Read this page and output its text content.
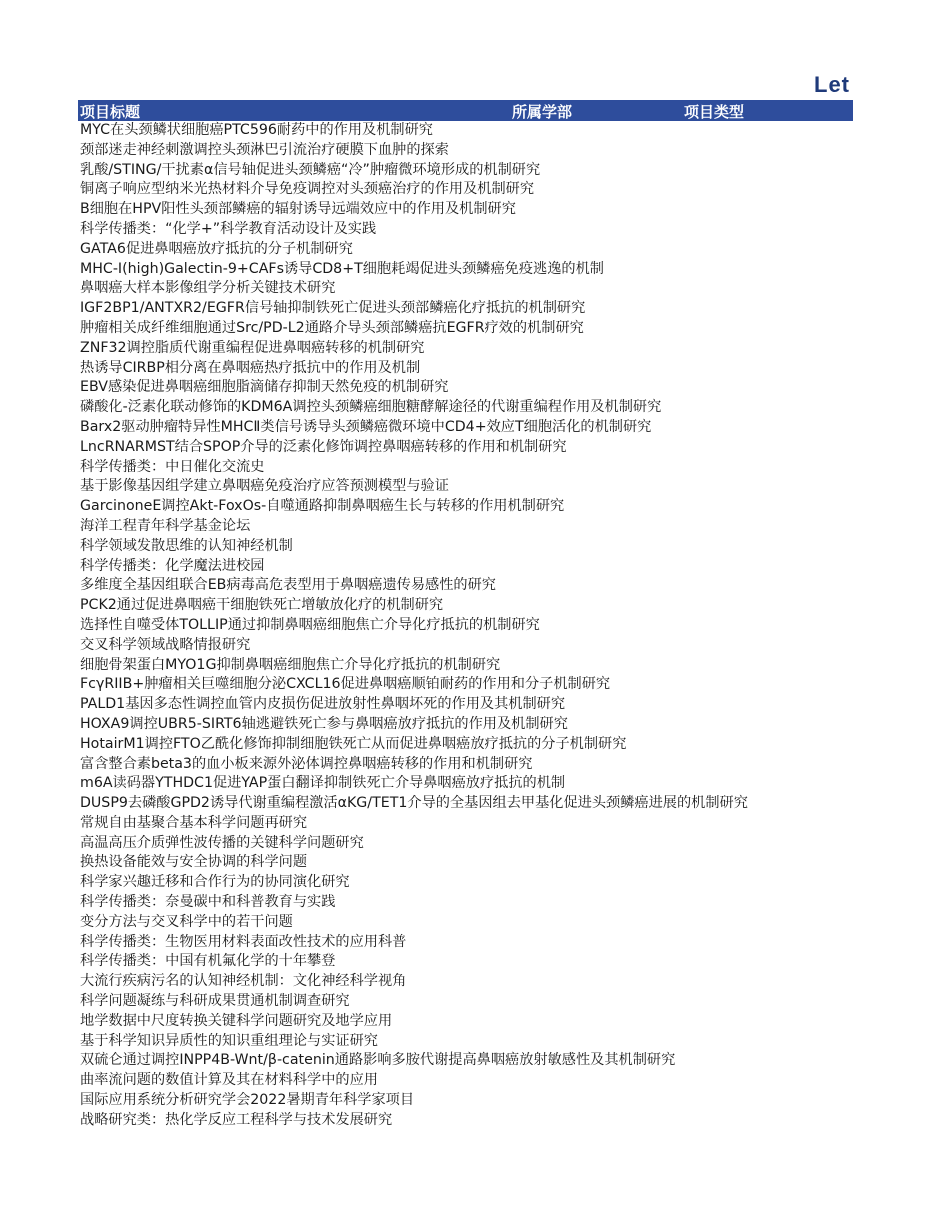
Let
项目标题	所属学部	项目类型
MYC在头颈鳞状细胞癌PTC596耐药中的作用及机制研究
颈部迷走神经刺激调控头颈淋巴引流治疗硬膜下血肿的探索
乳酸/STING/干扰素α信号轴促进头颈鳞癌“冷”肿瘤微环境形成的机制研究
铜离子响应型纳米光热材料介导免疫调控对头颈癌治疗的作用及机制研究
B细胞在HPV阳性头颈部鳞癌的辐射诱导远端效应中的作用及机制研究
科学传播类：“化学+”科学教育活动设计及实践
GATA6促进鼻咽癌放疗抵抗的分子机制研究
MHC-I(high)Galectin-9+CAFs诱导CD8+T细胞耗竭促进头颈鳞癌免疫逃逸的机制
鼻咽癌大样本影像组学分析关键技术研究
IGF2BP1/ANTXR2/EGFR信号轴抑制铁死亡促进头颈部鳞癌化疗抵抗的机制研究
肿瘤相关成纤维细胞通过Src/PD-L2通路介导头颈部鳞癌抗EGFR疗效的机制研究
ZNF32调控脂质代谢重编程促进鼻咽癌转移的机制研究
热诱导CIRBP相分离在鼻咽癌热疗抵抗中的作用及机制
EBV感染促进鼻咽癌细胞脂滴储存抑制天然免疫的机制研究
磷酸化-泛素化联动修饰的KDM6A调控头颈鳞癌细胞糖酵解途径的代谢重编程作用及机制研究
Barx2驱动肿瘤特异性MHCⅡ类信号诱导头颈鳞癌微环境中CD4+效应T细胞活化的机制研究
LncRNARMST结合SPOP介导的泛素化修饰调控鼻咽癌转移的作用和机制研究
科学传播类：中日催化交流史
基于影像基因组学建立鼻咽癌免疫治疗应答预测模型与验证
GarcinoneE调控Akt-FoxOs-自噬通路抑制鼻咽癌生长与转移的作用机制研究
海洋工程青年科学基金论坛
科学领域发散思维的认知神经机制
科学传播类：化学魔法进校园
多维度全基因组联合EB病毒高危表型用于鼻咽癌遗传易感性的研究
PCK2通过促进鼻咽癌干细胞铁死亡增敏放化疗的机制研究
选择性自噬受体TOLLIP通过抑制鼻咽癌细胞焦亡介导化疗抵抗的机制研究
交叉科学领域战略情报研究
细胞骨架蛋白MYO1G抑制鼻咽癌细胞焦亡介导化疗抵抗的机制研究
FcγRIIB+肿瘤相关巨噬细胞分泌CXCL16促进鼻咽癌顺铂耐药的作用和分子机制研究
PALD1基因多态性调控血管内皮损伤促进放射性鼻咽坏死的作用及其机制研究
HOXA9调控UBR5-SIRT6轴逃避铁死亡参与鼻咽癌放疗抵抗的作用及机制研究
HotairM1调控FTO乙酰化修饰抑制细胞铁死亡从而促进鼻咽癌放疗抵抗的分子机制研究
富含整合素beta3的血小板来源外泌体调控鼻咽癌转移的作用和机制研究
m6A读码器YTHDC1促进YAP蛋白翻译抑制铁死亡介导鼻咽癌放疗抵抗的机制
DUSP9去磷酸GPD2诱导代谢重编程激活αKG/TET1介导的全基因组去甲基化促进头颈鳞癌进展的机制研究
常规自由基聚合基本科学问题再研究
高温高压介质弹性波传播的关键科学问题研究
换热设备能效与安全协调的科学问题
科学家兴趣迁移和合作行为的协同演化研究
科学传播类：奈曼碳中和科普教育与实践
变分方法与交叉科学中的若干问题
科学传播类：生物医用材料表面改性技术的应用科普
科学传播类：中国有机氟化学的十年攀登
大流行疾病污名的认知神经机制：文化神经科学视角
科学问题凝练与科研成果贯通机制调查研究
地学数据中尺度转换关键科学问题研究及地学应用
基于科学知识异质性的知识重组理论与实证研究
双硫仑通过调控INPP4B-Wnt/β-catenin通路影响多胺代谢提高鼻咽癌放射敏感性及其机制研究
曲率流问题的数值计算及其在材料科学中的应用
国际应用系统分析研究学会2022暑期青年科学家项目
战略研究类：热化学反应工程科学与技术发展研究
